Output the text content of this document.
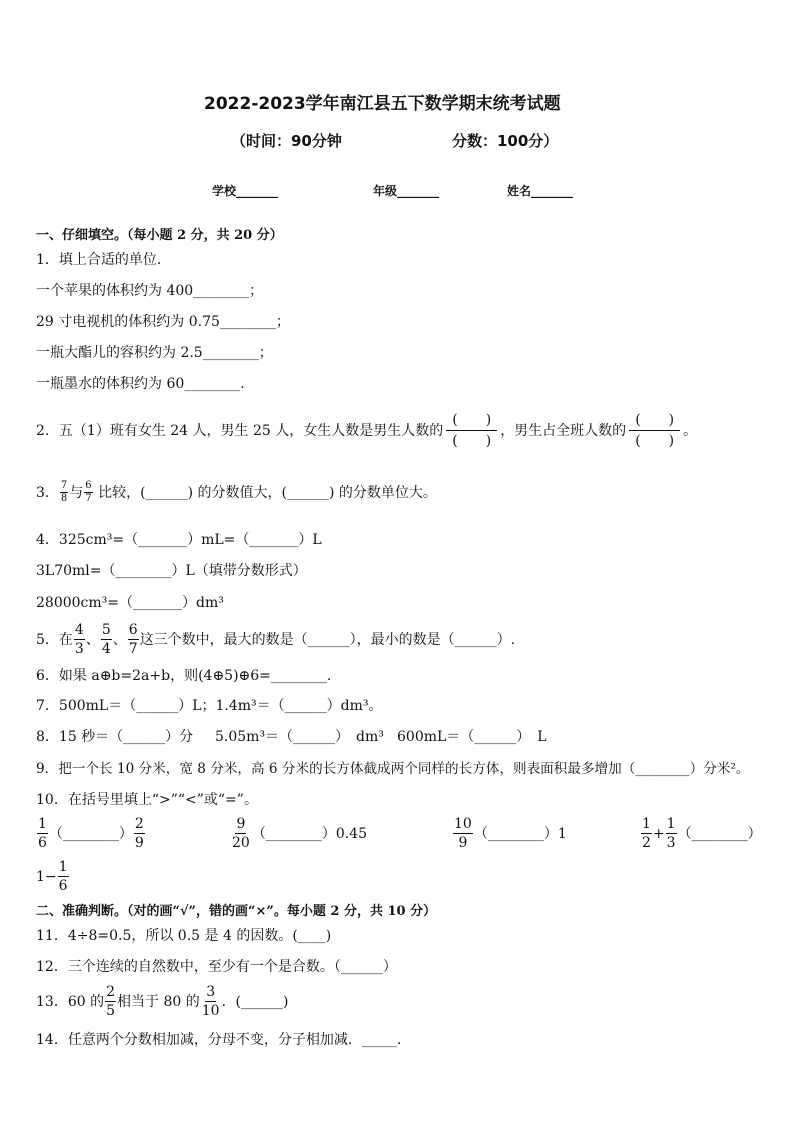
2022-2023学年南江县五下数学期末统考试题
（时间：90分钟	分数：100分）
学校_______	年级_______	姓名_______
一、仔细填空。（每小题 2 分，共 20 分）
1．填上合适的单位．
一个苹果的体积约为 400________；
29 寸电视机的体积约为 0.75________；
一瓶大酯儿的容积约为 2.5________；
一瓶墨水的体积约为 60________．
2．五（1）班有女生 24 人，男生 25 人，女生人数是男生人数的 $\frac{( )}{( )}$ ，男生占全班人数的 $\frac{( )}{( )}$ 。
3． $\frac{7}{8}$ 与 $\frac{6}{7}$ 比较，(______) 的分数值大，(______) 的分数单位大。
4．325cm³=（_______）mL=（_______）L
3L70ml=（________）L（填带分数形式）
28000cm³=（_______）dm³
5．在 $\frac{4}{3}$ 、 $\frac{5}{4}$ 、 $\frac{6}{7}$ 这三个数中，最大的数是（______），最小的数是（______）.
6．如果 a⊕b=2a+b，则(4⊕5)⊕6=________.
7．500mL＝（______）L；1.4m³＝（______）dm³。
8．15 秒＝（______）分 5.05m³＝（______）　dm³ 600mL＝（______）　L
9．把一个长 10 分米，宽 8 分米，高 6 分米的长方体截成两个同样的长方体，则表面积最多增加（________）分米²。
10．在括号里填上“>”“<”或“=”。
$\frac{1}{6}$ （________） $\frac{2}{9}$	$\frac{9}{20}$ （________） 0.45	$\frac{10}{9}$ （________） 1	$\frac{1}{2} + \frac{1}{3}$ （________）
$1- \frac{1}{6}$
二、准确判断。（对的画“√”，错的画“×”。每小题 2 分，共 10 分）
11．4÷8=0.5，所以 0.5 是 4 的因数。(____)
12．三个连续的自然数中，至少有一个是合数。（______）
13．60 的 $\frac{2}{5}$ 相当于 80 的 $\frac{3}{10}$ ．(______)
14．任意两个分数相加减，分母不变，分子相加减．_____.
